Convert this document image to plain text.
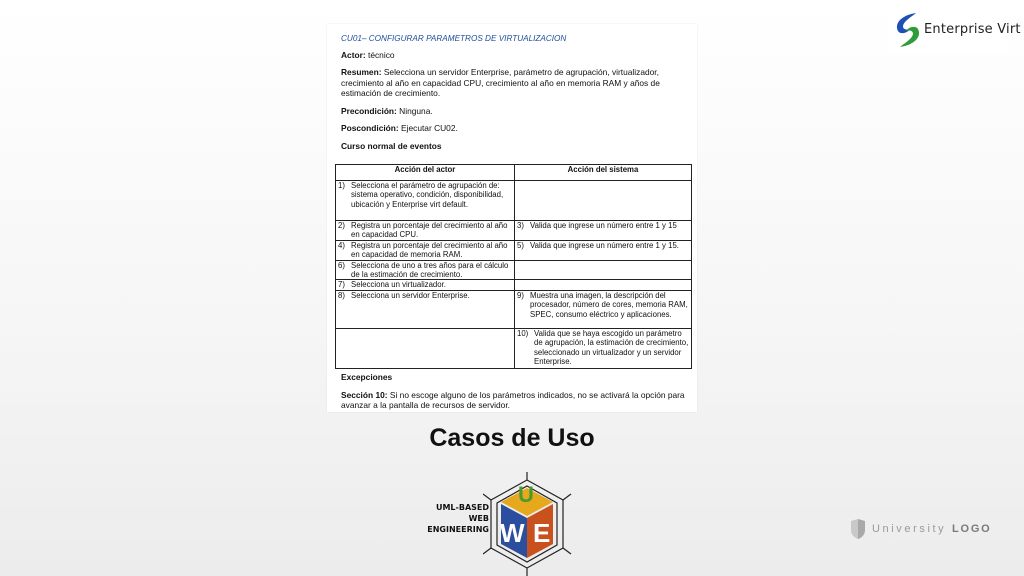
Enterprise Virt
CU01– CONFIGURAR PARAMETROS DE VIRTUALIZACION
Actor: técnico
Resumen: Selecciona un servidor Enterprise, parámetro de agrupación, virtualizador, crecimiento al año en capacidad CPU, crecimiento al año en memoria RAM y años de estimación de crecimiento.
Precondición: Ninguna.
Poscondición: Ejecutar CU02.
Curso normal de eventos
Acción del actor	Acción del sistema

1) Selecciona el parámetro de agrupación de: sistema operativo, condición, disponibilidad, ubicación y Enterprise virt default.	

2) Registra un porcentaje del crecimiento al año en capacidad CPU.	3) Valida que ingrese un número entre 1 y 15

4) Registra un porcentaje del crecimiento al año en capacidad de memoria RAM.	5) Valida que ingrese un número entre 1 y 15.

6) Selecciona de uno a tres años para el cálculo de la estimación de crecimiento.	

7) Selecciona un virtualizador.	

8) Selecciona un servidor Enterprise.	9) Muestra una imagen, la descripción del procesador, número de cores, memoria RAM, SPEC, consumo eléctrico y aplicaciones.

	10) Valida que se haya escogido un parámetro de agrupación, la estimación de crecimiento, seleccionado un virtualizador y un servidor Enterprise.
Excepciones
Sección 10: Si no escoge alguno de los parámetros indicados, no se activará la opción para avanzar a la pantalla de recursos de servidor.
Casos de Uso
UML-BASED
WEB
ENGINEERING
U
W E	University LOGO
